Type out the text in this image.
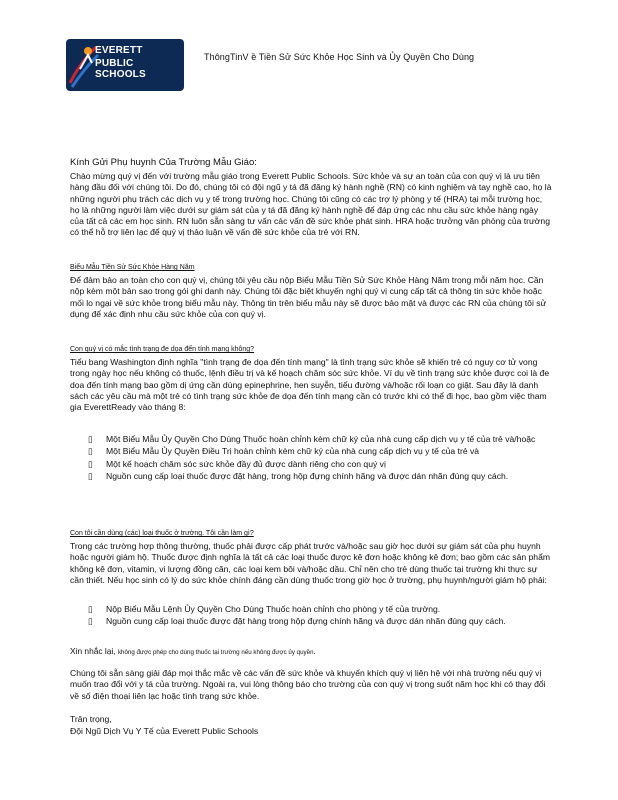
EVERETT
PUBLIC SCHOOLS
ThôngTinV ề Tiền Sử Sức Khỏe Học Sinh và Ủy Quyền Cho Dùng
Kính Gửi Phụ huynh Của Trường Mẫu Giáo:

Chào mừng quý vị đến với trường mẫu giáo trong Everett Public Schools. Sức khỏe và sự an toàn của con quý vị là ưu tiên hàng đầu đối với chúng tôi. Do đó, chúng tôi có đội ngũ y tá đã đăng ký hành nghề (RN) có kinh nghiệm và tay nghề cao, họ là những người phụ trách các dịch vụ y tế trong trường học. Chúng tôi cũng có các trợ lý phòng y tế (HRA) tại mỗi trường học, họ là những người làm việc dưới sự giám sát của y tá đã đăng ký hành nghề để đáp ứng các nhu cầu sức khỏe hàng ngày của tất cả các em học sinh. RN luôn sẵn sàng tư vấn các vấn đề sức khỏe phát sinh. HRA hoặc trưởng văn phòng của trường có thể hỗ trợ liên lạc để quý vị thảo luận về vấn đề sức khỏe của trẻ với RN.

Biểu Mẫu Tiền Sử Sức Khỏe Hàng Năm

Để đảm bảo an toàn cho con quý vị, chúng tôi yêu cầu nộp Biểu Mẫu Tiền Sử Sức Khỏe Hàng Năm trong mỗi năm học. Cần nộp kèm một bản sao trong gói ghi danh này. Chúng tôi đặc biệt khuyến nghị quý vị cung cấp tất cả thông tin sức khỏe hoặc mối lo ngại về sức khỏe trong biểu mẫu này. Thông tin trên biểu mẫu này sẽ được bảo mật và được các RN của chúng tôi sử dụng để xác định nhu cầu sức khỏe của con quý vị.

Con quý vị có mắc tình trạng đe dọa đến tính mạng không?

Tiểu bang Washington định nghĩa "tình trạng đe dọa đến tính mạng" là tình trạng sức khỏe sẽ khiến trẻ có nguy cơ tử vong trong ngày học nếu không có thuốc, lệnh điều trị và kế hoạch chăm sóc sức khỏe. Ví dụ về tình trạng sức khỏe được coi là đe dọa đến tính mạng bao gồm dị ứng cần dùng epinephrine, hen suyễn, tiểu đường và/hoặc rối loạn co giật. Sau đây là danh sách các yêu cầu mà một trẻ có tình trạng sức khỏe đe dọa đến tính mạng cần có trước khi có thể đi học, bao gồm việc tham gia EverettReady vào tháng 8:

▯ Một Biểu Mẫu Ủy Quyền Cho Dùng Thuốc hoàn chỉnh kèm chữ ký của nhà cung cấp dịch vụ y tế của trẻ và/hoặc
▯ Một Biểu Mẫu Ủy Quyền Điều Trị hoàn chỉnh kèm chữ ký của nhà cung cấp dịch vụ y tế của trẻ và
▯ Một kế hoạch chăm sóc sức khỏe đầy đủ được dành riêng cho con quý vị
▯ Nguồn cung cấp loại thuốc được đặt hàng, trong hộp đựng chính hãng và được dán nhãn đúng quy cách.
Con tôi cần dùng (các) loại thuốc ở trường. Tôi cần làm gì?

Trong các trường hợp thông thường, thuốc phải được cấp phát trước và/hoặc sau giờ học dưới sự giám sát của phụ huynh hoặc người giám hộ. Thuốc được định nghĩa là tất cả các loại thuốc được kê đơn hoặc không kê đơn; bao gồm các sản phẩm không kê đơn, vitamin, vi lượng đồng căn, các loại kem bôi và/hoặc dầu. Chỉ nên cho trẻ dùng thuốc tại trường khi thực sự cần thiết. Nếu học sinh có lý do sức khỏe chính đáng cần dùng thuốc trong giờ học ở trường, phụ huynh/người giám hộ phải:

▯ Nộp Biểu Mẫu Lệnh Ủy Quyền Cho Dùng Thuốc hoàn chỉnh cho phòng y tế của trường.
▯ Nguồn cung cấp loại thuốc được đặt hàng trong hộp đựng chính hãng và được dán nhãn đúng quy cách.
Xin nhắc lại, không được phép cho dùng thuốc tại trường nếu không được ủy quyền.

Chúng tôi sẵn sàng giải đáp mọi thắc mắc về các vấn đề sức khỏe và khuyến khích quý vị liên hệ với nhà trường nếu quý vị muốn trao đổi với y tá của trường. Ngoài ra, vui lòng thông báo cho trường của con quý vị trong suốt năm học khi có thay đổi về số điện thoại liên lạc hoặc tình trạng sức khỏe.

Trân trọng,

Đội Ngũ Dịch Vụ Y Tế của Everett Public Schools
